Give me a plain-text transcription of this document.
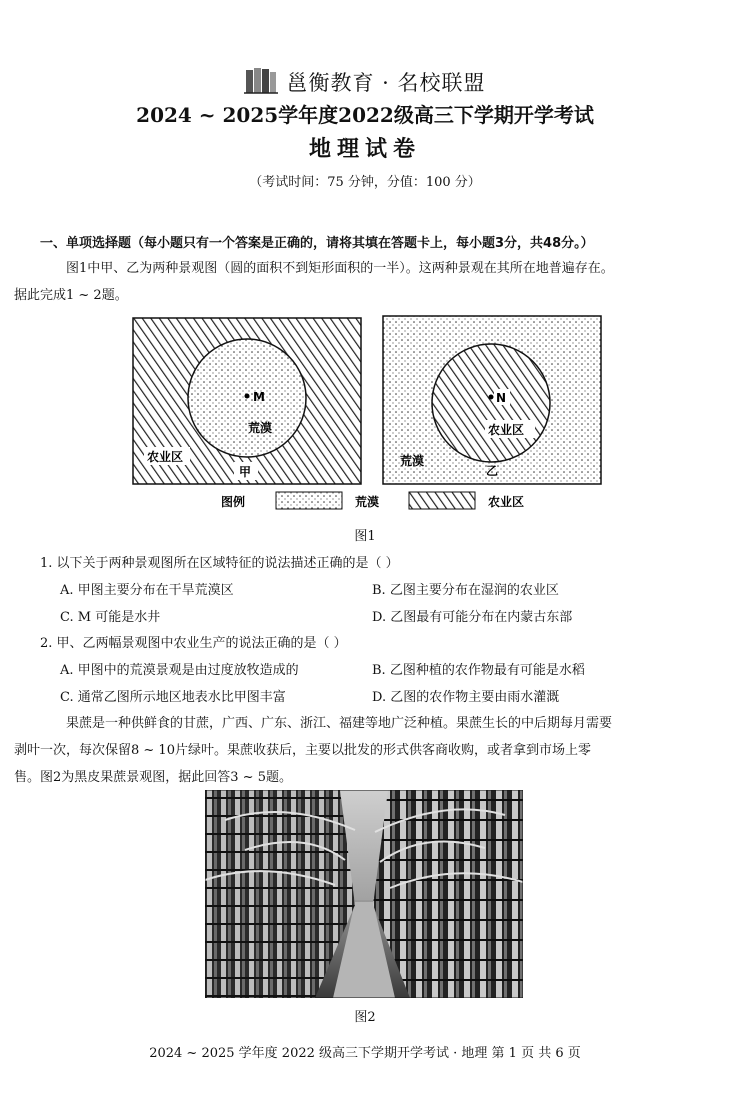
邕衡教育 · 名校联盟
2024 ~ 2025学年度2022级高三下学期开学考试
地理试卷
（考试时间：75 分钟，分值：100 分）
一、单项选择题（每小题只有一个答案是正确的，请将其填在答题卡上，每小题3分，共48分。）
图1中甲、乙为两种景观图（圆的面积不到矩形面积的一半）。这两种景观在其所在地普遍存在。
据此完成1 ~ 2题。
M
荒漠
农业区
甲
N
农业区
荒漠
乙
图例	荒漠	农业区
图1
1. 以下关于两种景观图所在区域特征的说法描述正确的是（ ）
A. 甲图主要分布在干旱荒漠区	B. 乙图主要分布在湿润的农业区
C. M 可能是水井	D. 乙图最有可能分布在内蒙古东部
2. 甲、乙两幅景观图中农业生产的说法正确的是（ ）
A. 甲图中的荒漠景观是由过度放牧造成的	B. 乙图种植的农作物最有可能是水稻
C. 通常乙图所示地区地表水比甲图丰富	D. 乙图的农作物主要由雨水灌溉
果蔗是一种供鲜食的甘蔗，广西、广东、浙江、福建等地广泛种植。果蔗生长的中后期每月需要
剥叶一次，每次保留8 ~ 10片绿叶。果蔗收获后，主要以批发的形式供客商收购，或者拿到市场上零
售。图2为黑皮果蔗景观图，据此回答3 ~ 5题。
图2
2024 ~ 2025 学年度 2022 级高三下学期开学考试 · 地理 第 1 页 共 6 页
